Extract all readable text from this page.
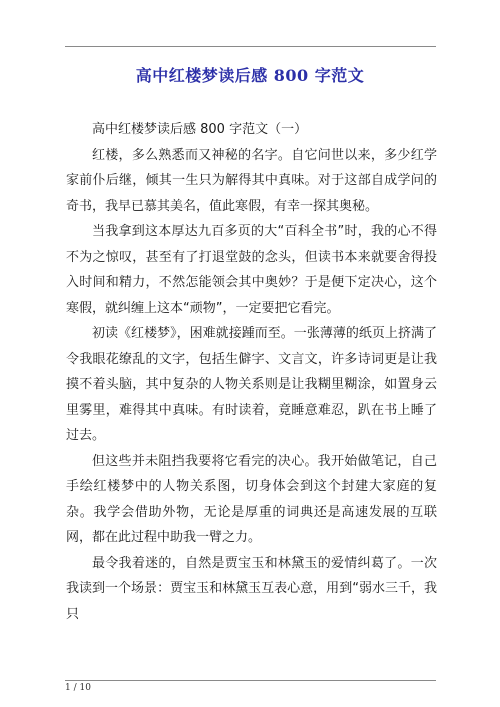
高中红楼梦读后感 800 字范文

高中红楼梦读后感 800 字范文（一）

红楼，多么熟悉而又神秘的名字。自它问世以来，多少红学家前仆后继，倾其一生只为解得其中真味。对于这部自成学问的奇书，我早已慕其美名，值此寒假，有幸一探其奥秘。

当我拿到这本厚达九百多页的大“百科全书”时，我的心不得不为之惊叹，甚至有了打退堂鼓的念头，但读书本来就要舍得投入时间和精力，不然怎能领会其中奥妙？于是便下定决心，这个寒假，就纠缠上这本“顽物”，一定要把它看完。

初读《红楼梦》，困难就接踵而至。一张薄薄的纸页上挤满了令我眼花缭乱的文字，包括生僻字、文言文，许多诗词更是让我摸不着头脑，其中复杂的人物关系则是让我糊里糊涂，如置身云里雾里，难得其中真味。有时读着，竟睡意难忍，趴在书上睡了过去。

但这些并未阻挡我要将它看完的决心。我开始做笔记，自己手绘红楼梦中的人物关系图，切身体会到这个封建大家庭的复杂。我学会借助外物，无论是厚重的词典还是高速发展的互联网，都在此过程中助我一臂之力。

最令我着迷的，自然是贾宝玉和林黛玉的爱情纠葛了。一次我读到一个场景：贾宝玉和林黛玉互表心意，用到“弱水三千，我只

1 / 10
